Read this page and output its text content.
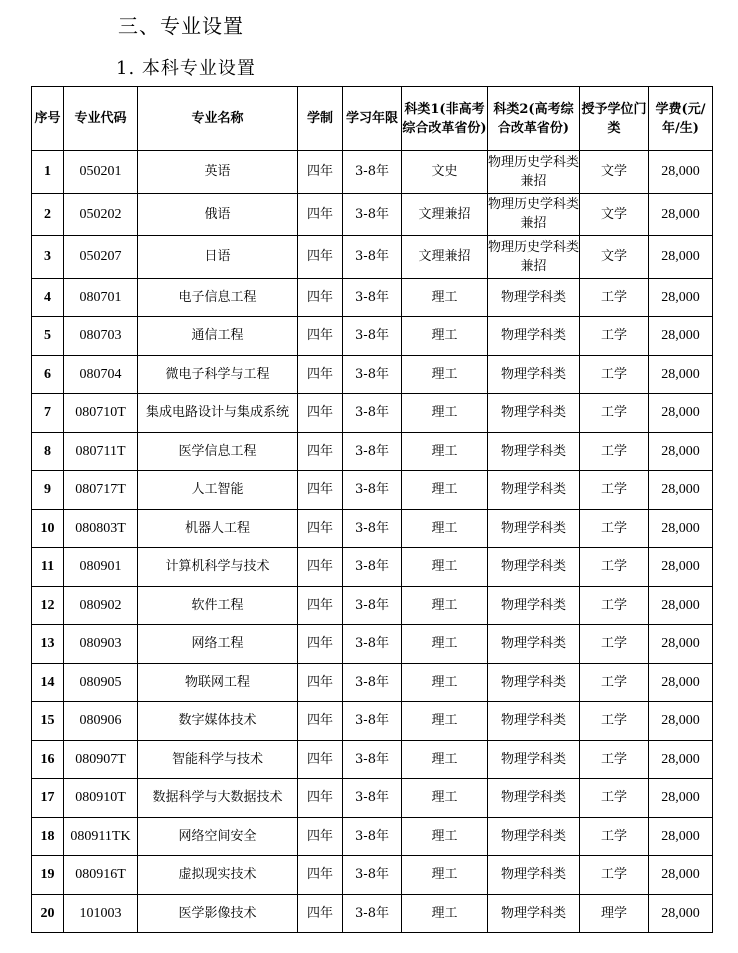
三、专业设置
1. 本科专业设置
序号	专业代码	专业名称	学制	学习年限	科类1(非高考综合改革省份)	科类2(高考综合改革省份)	授予学位门类	学费(元/年/生)
1	050201	英语	四年	3-8年	文史	物理历史学科类兼招	文学	28,000
2	050202	俄语	四年	3-8年	文理兼招	物理历史学科类兼招	文学	28,000
3	050207	日语	四年	3-8年	文理兼招	物理历史学科类兼招	文学	28,000
4	080701	电子信息工程	四年	3-8年	理工	物理学科类	工学	28,000
5	080703	通信工程	四年	3-8年	理工	物理学科类	工学	28,000
6	080704	微电子科学与工程	四年	3-8年	理工	物理学科类	工学	28,000
7	080710T	集成电路设计与集成系统	四年	3-8年	理工	物理学科类	工学	28,000
8	080711T	医学信息工程	四年	3-8年	理工	物理学科类	工学	28,000
9	080717T	人工智能	四年	3-8年	理工	物理学科类	工学	28,000
10	080803T	机器人工程	四年	3-8年	理工	物理学科类	工学	28,000
11	080901	计算机科学与技术	四年	3-8年	理工	物理学科类	工学	28,000
12	080902	软件工程	四年	3-8年	理工	物理学科类	工学	28,000
13	080903	网络工程	四年	3-8年	理工	物理学科类	工学	28,000
14	080905	物联网工程	四年	3-8年	理工	物理学科类	工学	28,000
15	080906	数字媒体技术	四年	3-8年	理工	物理学科类	工学	28,000
16	080907T	智能科学与技术	四年	3-8年	理工	物理学科类	工学	28,000
17	080910T	数据科学与大数据技术	四年	3-8年	理工	物理学科类	工学	28,000
18	080911TK	网络空间安全	四年	3-8年	理工	物理学科类	工学	28,000
19	080916T	虚拟现实技术	四年	3-8年	理工	物理学科类	工学	28,000
20	101003	医学影像技术	四年	3-8年	理工	物理学科类	理学	28,000
